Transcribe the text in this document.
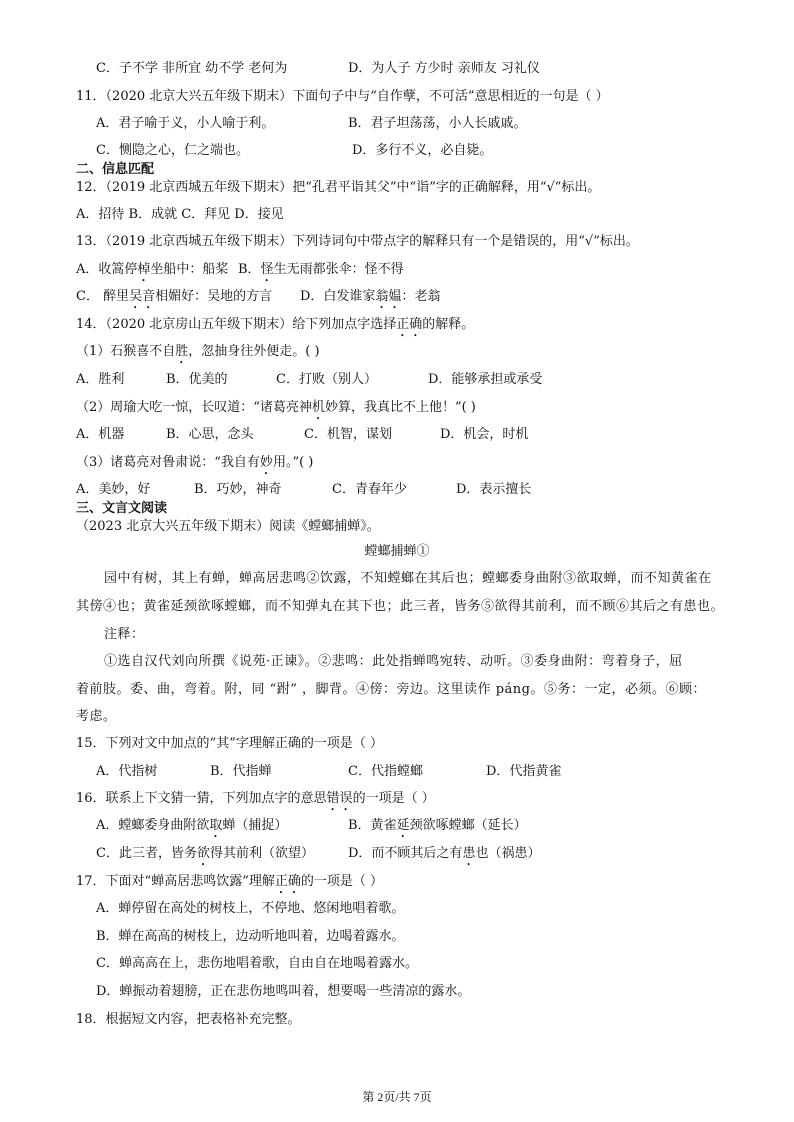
C．子不学 非所宜 幼不学 老何为	D．为人子 方少时 亲师友 习礼仪
11．（2020 北京大兴五年级下期末）下面句子中与“自作孽，不可活”意思相近的一句是（ ）
A．君子喻于义，小人喻于利。	B．君子坦荡荡，小人长戚戚。
C．恻隐之心，仁之端也。	D．多行不义，必自毙。
二、信息匹配
12．（2019 北京西城五年级下期末）把“孔君平诣其父”中“诣”字的正确解释，用“√”标出。
A．招待 B．成就 C．拜见 D．接见
13．（2019 北京西城五年级下期末）下列诗词句中带点字的解释只有一个是错误的，用“√”标出。
A．收篙停棹坐船中：船桨 B．怪生无雨都张伞：怪不得
C． 醉里吴音相媚好：吴地的方言 D．白发谁家翁媪：老翁
14．（2020 北京房山五年级下期末）给下列加点字选择正确的解释。
（1）石猴喜不自胜，忽抽身往外便走。( )
A．胜利	B．优美的	C．打败（别人）	D．能够承担或承受
（2）周瑜大吃一惊，长叹道：“诸葛亮神机妙算，我真比不上他！”( )
A．机器	B．心思，念头	C．机智，谋划	D．机会，时机
（3）诸葛亮对鲁肃说：“我自有妙用。”( )
A．美妙，好	B．巧妙，神奇	C．青春年少	D．表示擅长
三、文言文阅读
（2023 北京大兴五年级下期末）阅读《螳螂捕蝉》。
螳螂捕蝉①
园中有树，其上有蝉，蝉高居悲鸣②饮露，不知螳螂在其后也；螳螂委身曲附③欲取蝉，而不知黄雀在
其傍④也；黄雀延颈欲啄螳螂，而不知弹丸在其下也；此三者，皆务⑤欲得其前利，而不顾⑥其后之有患也。
注释：
①选自汉代刘向所撰《说苑·正谏》。②悲鸣：此处指蝉鸣宛转、动听。③委身曲附：弯着身子，屈
着前肢。委、曲，弯着。附，同 “跗” ，脚背。④傍：旁边。这里读作 páng。⑤务：一定，必须。⑥顾：
考虑。
15．下列对文中加点的“其”字理解正确的一项是（ ）
A．代指树	B．代指蝉	C．代指螳螂	D．代指黄雀
16．联系上下文猜一猜，下列加点字的意思错误的一项是（ ）
A．螳螂委身曲附欲取蝉（捕捉）	B．黄雀延颈欲啄螳螂（延长）
C．此三者，皆务欲得其前利（欲望）	D．而不顾其后之有患也（祸患）
17．下面对“蝉高居悲鸣饮露”理解正确的一项是（ ）
A．蝉停留在高处的树枝上，不停地、悠闲地唱着歌。
B．蝉在高高的树枝上，边动听地叫着，边喝着露水。
C．蝉高高在上，悲伤地唱着歌，自由自在地喝着露水。
D．蝉振动着翅膀，正在悲伤地鸣叫着，想要喝一些清凉的露水。
18．根据短文内容，把表格补充完整。
第 2页/共 7页
